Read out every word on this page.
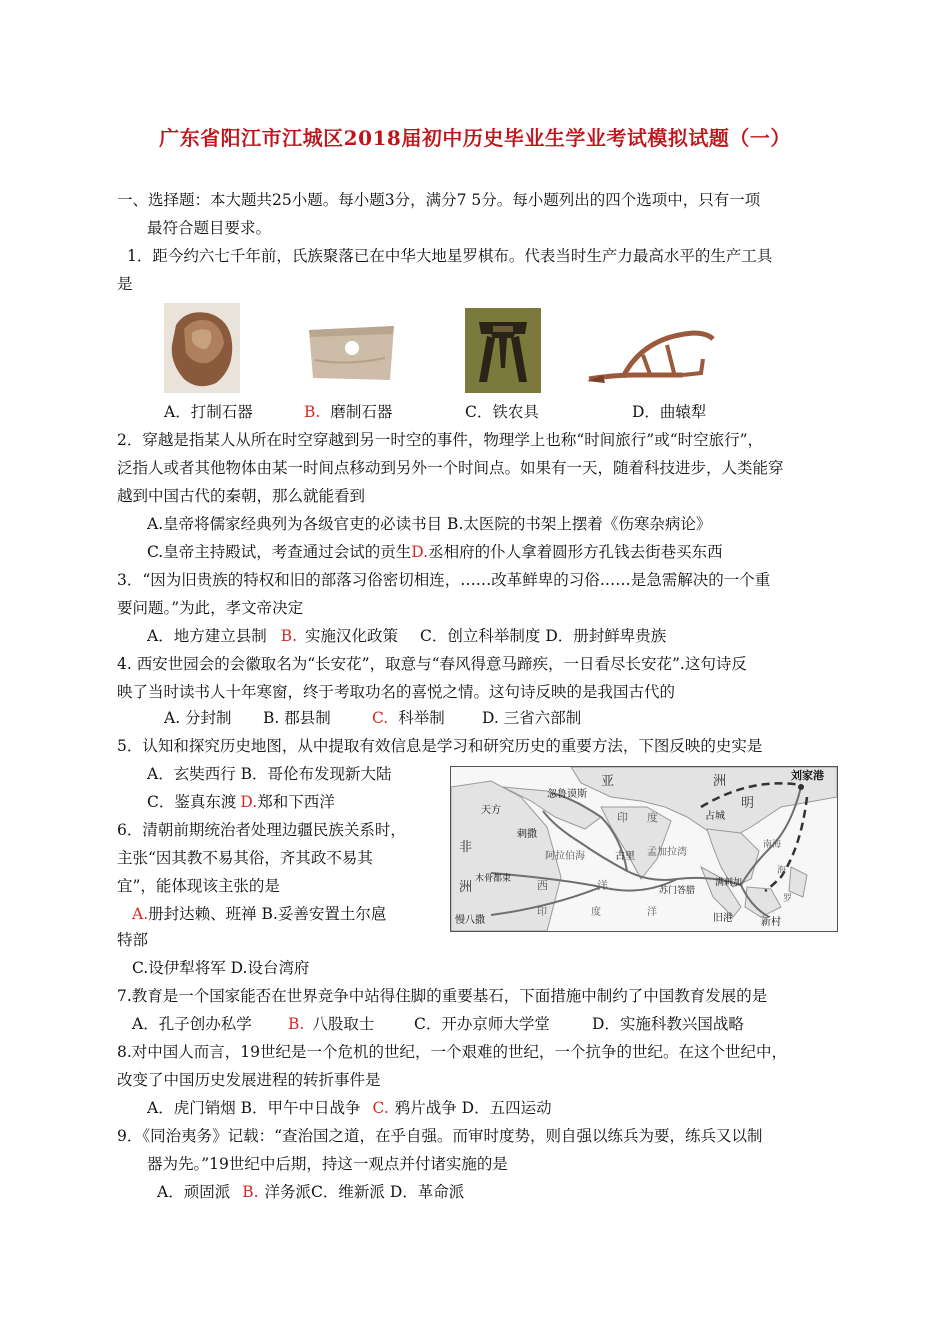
广东省阳江市江城区2018届初中历史毕业生学业考试模拟试题（一）
一、选择题：本大题共25小题。每小题3分，满分7 5分。每小题列出的四个选项中，只有一项
最符合题目要求。
1．距今约六七千年前，氏族聚落已在中华大地星罗棋布。代表当时生产力最高水平的生产工具
是
A．打制石器	B. 磨制石器	C．铁农具	D．曲辕犁
2．穿越是指某人从所在时空穿越到另一时空的事件，物理学上也称“时间旅行”或“时空旅行”，
泛指人或者其他物体由某一时间点移动到另外一个时间点。如果有一天，随着科技进步，人类能穿
越到中国古代的秦朝，那么就能看到
A.皇帝将儒家经典列为各级官吏的必读书目 B.太医院的书架上摆着《伤寒杂病论》
C.皇帝主持殿试，考查通过会试的贡生D.丞相府的仆人拿着圆形方孔钱去街巷买东西
3．“因为旧贵族的特权和旧的部落习俗密切相连，……改革鲜卑的习俗……是急需解决的一个重
要问题。”为此，孝文帝决定
A．地方建立县制 B. 实施汉化政策 C．创立科举制度 D．册封鲜卑贵族
4. 西安世园会的会徽取名为“长安花”，取意与“春风得意马蹄疾，一日看尽长安花”.这句诗反
映了当时读书人十年寒窗，终于考取功名的喜悦之情。这句诗反映的是我国古代的
A. 分封制 B. 郡县制	C. 科举制 D. 三省六部制
5．认知和探究历史地图，从中提取有效信息是学习和研究历史的重要方法，下图反映的史实是
A．玄奘西行 B．哥伦布发现新大陆
C．鉴真东渡 D.郑和下西洋
亚	洲	刘家港
明
天方
忽鲁谟斯
印 度	占城
南海
非
剌撒
阿拉伯海	古里 孟加拉湾
洲
木骨都束 西	洋	苏门答腊
满剌加
慢八撒
印	度	洋
旧港	新村
海
罗
6．清朝前期统治者处理边疆民族关系时，
主张“因其教不易其俗，齐其政不易其
宜”，能体现该主张的是
A.册封达赖、班禅 B.妥善安置土尔扈
特部
C.设伊犁将军 D.设台湾府
7.教育是一个国家能否在世界竞争中站得住脚的重要基石，下面措施中制约了中国教育发展的是
A．孔子创办私学 B. 八股取士	C．开办京师大学堂	D．实施科教兴国战略
8.对中国人而言，19世纪是一个危机的世纪，一个艰难的世纪，一个抗争的世纪。在这个世纪中，
改变了中国历史发展进程的转折事件是
A．虎门销烟 B．甲午中日战争 C. 鸦片战争 D．五四运动
9．《同治夷务》记载：“查治国之道，在乎自强。而审时度势，则自强以练兵为要，练兵又以制
器为先。”19世纪中后期，持这一观点并付诸实施的是
A．顽固派 B. 洋务派C．维新派 D．革命派
